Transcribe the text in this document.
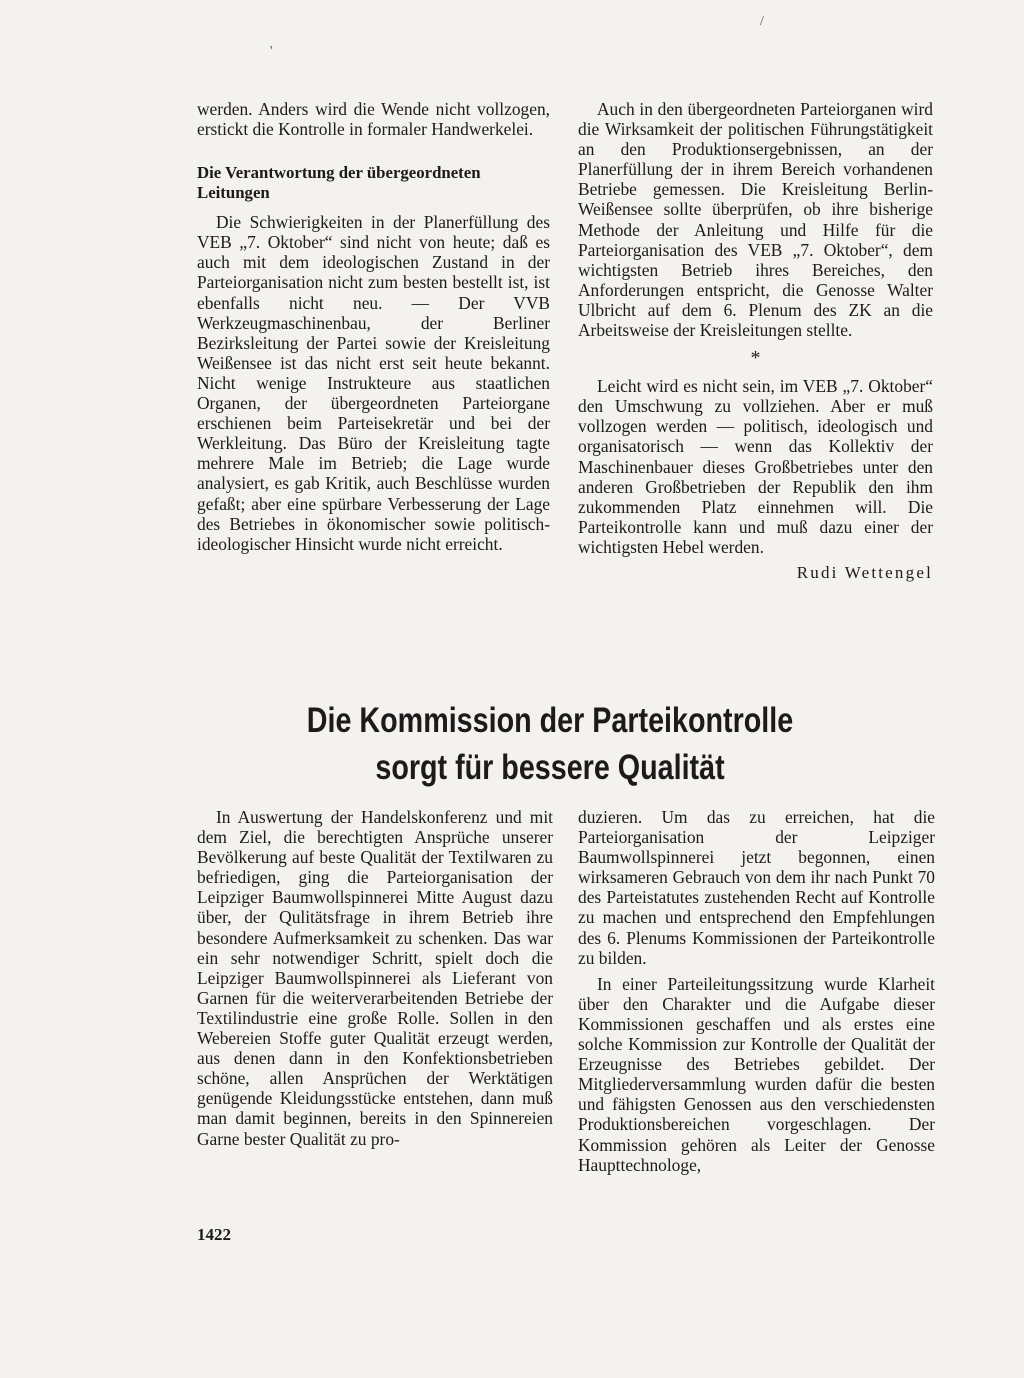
'
/

werden. Anders wird die Wende nicht vollzogen, erstickt die Kontrolle in formaler Handwerkelei.

Die Verantwortung der übergeordneten Leitungen

Die Schwierigkeiten in der Planerfüllung des VEB „7. Oktober“ sind nicht von heute; daß es auch mit dem ideologischen Zustand in der Parteiorganisation nicht zum besten bestellt ist, ist ebenfalls nicht neu. — Der VVB Werkzeugmaschinenbau, der Berliner Bezirksleitung der Partei sowie der Kreisleitung Weißensee ist das nicht erst seit heute bekannt. Nicht wenige Instrukteure aus staatlichen Organen, der übergeordneten Parteiorgane erschienen beim Parteisekretär und bei der Werkleitung. Das Büro der Kreisleitung tagte mehrere Male im Betrieb; die Lage wurde analysiert, es gab Kritik, auch Beschlüsse wurden gefaßt; aber eine spürbare Verbesserung der Lage des Betriebes in ökonomischer sowie politisch-ideologischer Hinsicht wurde nicht erreicht.

Auch in den übergeordneten Parteiorganen wird die Wirksamkeit der politischen Führungstätigkeit an den Produktionsergebnissen, an der Planerfüllung der in ihrem Bereich vorhandenen Betriebe gemessen. Die Kreisleitung Berlin-Weißensee sollte überprüfen, ob ihre bisherige Methode der Anleitung und Hilfe für die Parteiorganisation des VEB „7. Oktober“, dem wichtigsten Betrieb ihres Bereiches, den Anforderungen entspricht, die Genosse Walter Ulbricht auf dem 6. Plenum des ZK an die Arbeitsweise der Kreisleitungen stellte.

*

Leicht wird es nicht sein, im VEB „7. Oktober“ den Umschwung zu vollziehen. Aber er muß vollzogen werden — politisch, ideologisch und organisatorisch — wenn das Kollektiv der Maschinenbauer dieses Großbetriebes unter den anderen Großbetrieben der Republik den ihm zukommenden Platz einnehmen will. Die Parteikontrolle kann und muß dazu einer der wichtigsten Hebel werden.

Rudi Wettengel
Die Kommission der Parteikontrolle
sorgt für bessere Qualität

In Auswertung der Handelskonferenz und mit dem Ziel, die berechtigten Ansprüche unserer Bevölkerung auf beste Qualität der Textilwaren zu befriedigen, ging die Parteiorganisation der Leipziger Baumwollspinnerei Mitte August dazu über, der Qulitätsfrage in ihrem Betrieb ihre besondere Aufmerksamkeit zu schenken. Das war ein sehr notwendiger Schritt, spielt doch die Leipziger Baumwollspinnerei als Lieferant von Garnen für die weiterverarbeitenden Betriebe der Textilindustrie eine große Rolle. Sollen in den Webereien Stoffe guter Qualität erzeugt werden, aus denen dann in den Konfektionsbetrieben schöne, allen Ansprüchen der Werktätigen genügende Kleidungsstücke entstehen, dann muß man damit beginnen, bereits in den Spinnereien Garne bester Qualität zu pro-

duzieren. Um das zu erreichen, hat die Parteiorganisation der Leipziger Baumwollspinnerei jetzt begonnen, einen wirksameren Gebrauch von dem ihr nach Punkt 70 des Parteistatutes zustehenden Recht auf Kontrolle zu machen und entsprechend den Empfehlungen des 6. Plenums Kommissionen der Parteikontrolle zu bilden.

In einer Parteileitungssitzung wurde Klarheit über den Charakter und die Aufgabe dieser Kommissionen geschaffen und als erstes eine solche Kommission zur Kontrolle der Qualität der Erzeugnisse des Betriebes gebildet. Der Mitgliederversammlung wurden dafür die besten und fähigsten Genossen aus den verschiedensten Produktionsbereichen vorgeschlagen. Der Kommission gehören als Leiter der Genosse Haupttechnologe,

1422
